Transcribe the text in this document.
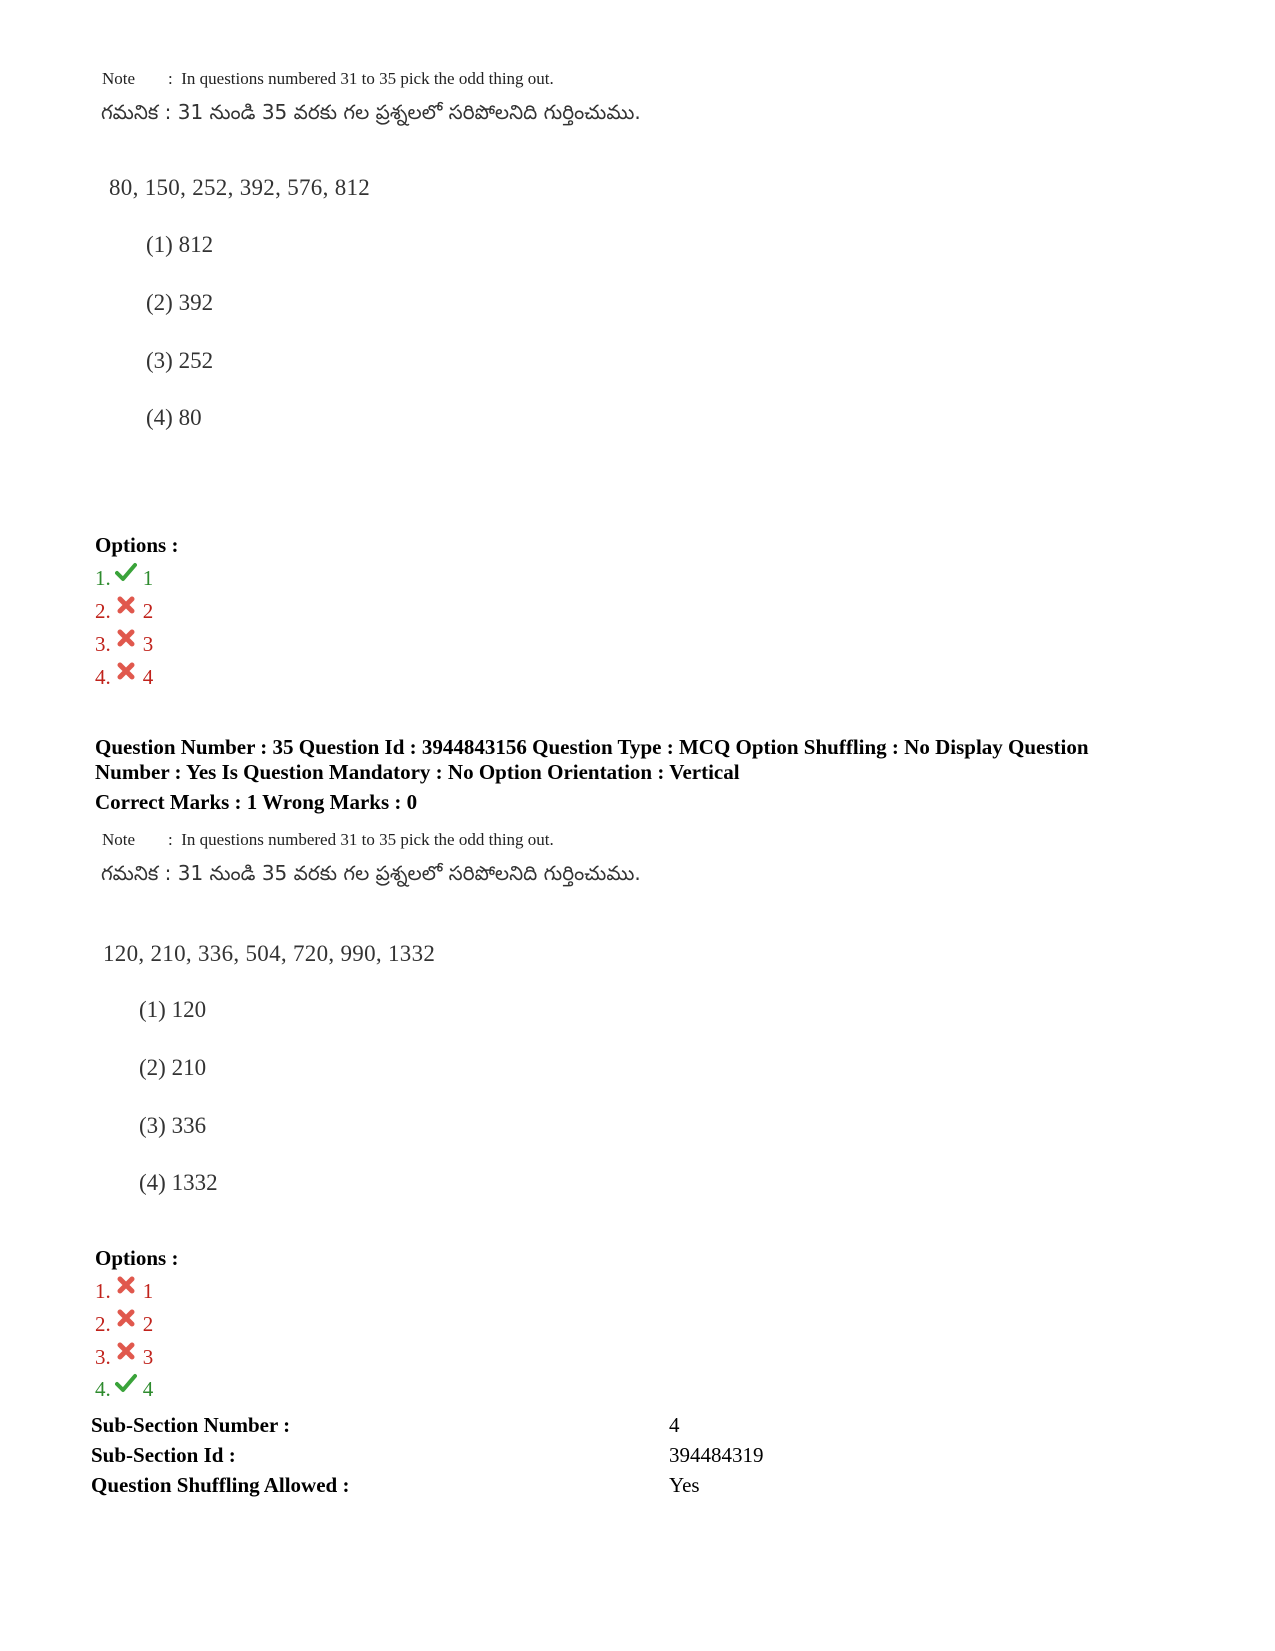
Note : In questions numbered 31 to 35 pick the odd thing out.
గమనిక : 31 నుండి 35 వరకు గల ప్రశ్నలలో సరిపోలనిది గుర్తించుము.
80, 150, 252, 392, 576, 812
(1) 812
(2) 392
(3) 252
(4) 80
Options :
1. 1
2. 2
3. 3
4. 4
Question Number : 35 Question Id : 3944843156 Question Type : MCQ Option Shuffling : No Display Question
Number : Yes Is Question Mandatory : No Option Orientation : Vertical
Correct Marks : 1 Wrong Marks : 0
Note : In questions numbered 31 to 35 pick the odd thing out.
గమనిక : 31 నుండి 35 వరకు గల ప్రశ్నలలో సరిపోలనిది గుర్తించుము.
120, 210, 336, 504, 720, 990, 1332
(1) 120
(2) 210
(3) 336
(4) 1332
Options :
1. 1
2. 2
3. 3
4. 4
Sub-Section Number :	4
Sub-Section Id :	394484319
Question Shuffling Allowed :	Yes
